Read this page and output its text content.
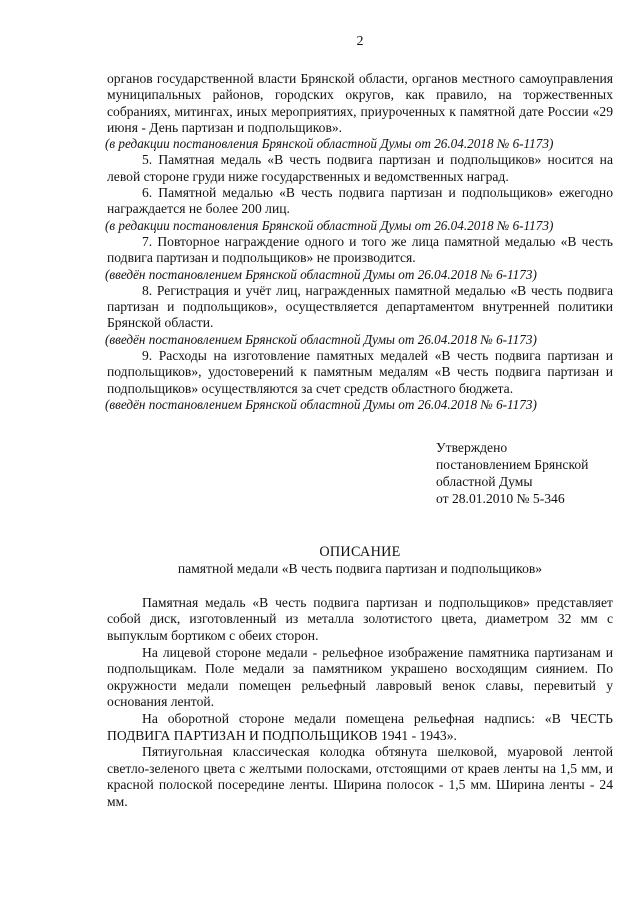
2

органов государственной власти Брянской области, органов местного самоуправления муниципальных районов, городских округов, как правило, на торжественных собраниях, митингах, иных мероприятиях, приуроченных к памятной дате России «29 июня - День партизан и подпольщиков».

(в редакции постановления Брянской областной Думы от 26.04.2018 № 6-1173)

5. Памятная медаль «В честь подвига партизан и подпольщиков» носится на левой стороне груди ниже государственных и ведомственных наград.

6. Памятной медалью «В честь подвига партизан и подпольщиков» ежегодно награждается не более 200 лиц.

(в редакции постановления Брянской областной Думы от 26.04.2018 № 6-1173)

7. Повторное награждение одного и того же лица памятной медалью «В честь подвига партизан и подпольщиков» не производится.

(введён постановлением Брянской областной Думы от 26.04.2018 № 6-1173)

8. Регистрация и учёт лиц, награжденных памятной медалью «В честь подвига партизан и подпольщиков», осуществляется департаментом внутренней политики Брянской области.

(введён постановлением Брянской областной Думы от 26.04.2018 № 6-1173)

9. Расходы на изготовление памятных медалей «В честь подвига партизан и подпольщиков», удостоверений к памятным медалям «В честь подвига партизан и подпольщиков» осуществляются за счет средств областного бюджета.

(введён постановлением Брянской областной Думы от 26.04.2018 № 6-1173)

Утверждено
постановлением Брянской
областной Думы
от 28.01.2010 № 5-346
ОПИСАНИЕ
памятной медали «В честь подвига партизан и подпольщиков»

Памятная медаль «В честь подвига партизан и подпольщиков» представляет собой диск, изготовленный из металла золотистого цвета, диаметром 32 мм с выпуклым бортиком с обеих сторон.

На лицевой стороне медали - рельефное изображение памятника партизанам и подпольщикам. Поле медали за памятником украшено восходящим сиянием. По окружности медали помещен рельефный лавровый венок славы, перевитый у основания лентой.

На оборотной стороне медали помещена рельефная надпись: «В ЧЕСТЬ ПОДВИГА ПАРТИЗАН И ПОДПОЛЬЩИКОВ 1941 - 1943».

Пятиугольная классическая колодка обтянута шелковой, муаровой лентой светло-зеленого цвета с желтыми полосками, отстоящими от краев ленты на 1,5 мм, и красной полоской посередине ленты. Ширина полосок - 1,5 мм. Ширина ленты - 24 мм.
